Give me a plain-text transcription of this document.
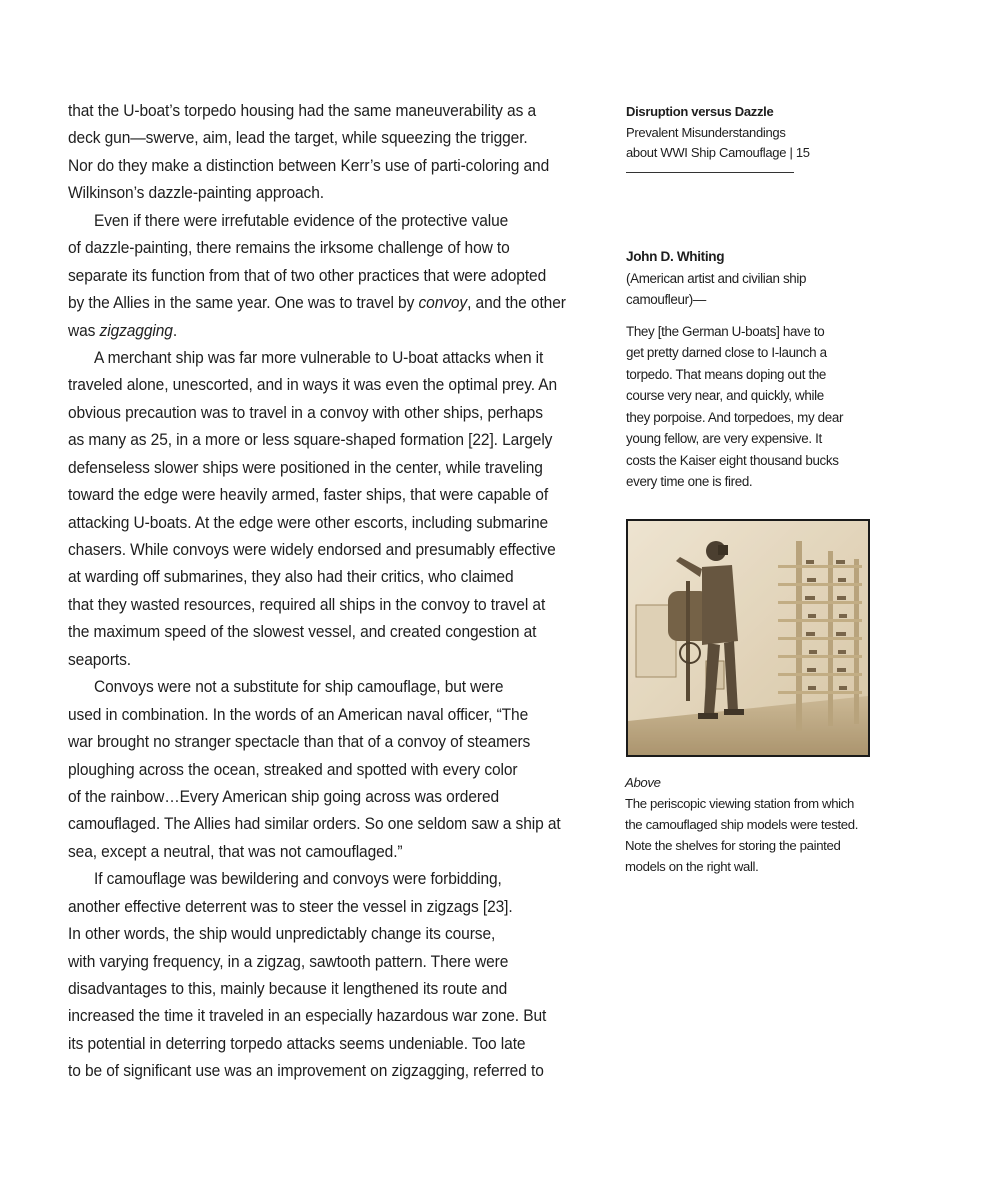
that the U-boat’s torpedo housing had the same maneuverability as a
deck gun—swerve, aim, lead the target, while squeezing the trigger.
Nor do they make a distinction between Kerr’s use of parti-coloring and
Wilkinson’s dazzle-painting approach.
Even if there were irrefutable evidence of the protective value
of dazzle-painting, there remains the irksome challenge of how to
separate its function from that of two other practices that were adopted
by the Allies in the same year. One was to travel by convoy, and the other
was zigzagging.
A merchant ship was far more vulnerable to U-boat attacks when it
traveled alone, unescorted, and in ways it was even the optimal prey. An
obvious precaution was to travel in a convoy with other ships, perhaps
as many as 25, in a more or less square-shaped formation [22]. Largely
defenseless slower ships were positioned in the center, while traveling
toward the edge were heavily armed, faster ships, that were capable of
attacking U-boats. At the edge were other escorts, including submarine
chasers. While convoys were widely endorsed and presumably effective
at warding off submarines, they also had their critics, who claimed
that they wasted resources, required all ships in the convoy to travel at
the maximum speed of the slowest vessel, and created congestion at
seaports.
Convoys were not a substitute for ship camouflage, but were
used in combination. In the words of an American naval officer, “The
war brought no stranger spectacle than that of a convoy of steamers
ploughing across the ocean, streaked and spotted with every color
of the rainbow…Every American ship going across was ordered
camouflaged. The Allies had similar orders. So one seldom saw a ship at
sea, except a neutral, that was not camouflaged.”
If camouflage was bewildering and convoys were forbidding,
another effective deterrent was to steer the vessel in zigzags [23].
In other words, the ship would unpredictably change its course,
with varying frequency, in a zigzag, sawtooth pattern. There were
disadvantages to this, mainly because it lengthened its route and
increased the time it traveled in an especially hazardous war zone. But
its potential in deterring torpedo attacks seems undeniable. Too late
to be of significant use was an improvement on zigzagging, referred to
Disruption versus Dazzle
Prevalent Misunderstandings
about WWI Ship Camouflage | 15
John D. Whiting
(American artist and civilian ship
camoufleur)—
They [the German U-boats] have to
get pretty darned close to I-launch a
torpedo. That means doping out the
course very near, and quickly, while
they porpoise. And torpedoes, my dear
young fellow, are very expensive. It
costs the Kaiser eight thousand bucks
every time one is fired.
Above
The periscopic viewing station from which
the camouflaged ship models were tested.
Note the shelves for storing the painted
models on the right wall.
